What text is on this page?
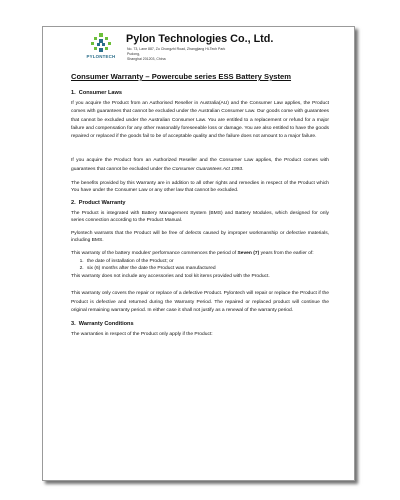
PYLONTECH
Pylon Technologies Co., Ltd.
No. 73, Lane 887, Zu Chongzhi Road, Zhangjiang Hi-Tech Park Pudong,
Shanghai 201203, China
Consumer Warranty – Powercube series ESS Battery System
1.  Consumer Laws

If you acquire the Product from an Authorised Reseller in Australia(AU) and the Consumer Law applies, the Product comes with guarantees that cannot be excluded under the Australian Consumer Law. Our goods come with guarantees that cannot be excluded under the Australian Consumer Law. You are entitled to a replacement or refund for a major failure and compensation for any other reasonably foreseeable loss or damage. You are also entitled to have the goods repaired or replaced if the goods fail to be of acceptable quality and the failure does not amount to a major failure.

If you acquire the Product from an Authorized Reseller and the Consumer Law applies, the Product comes with guarantees that cannot be excluded under the Consumer Guarantees Act 1993.

The benefits provided by this Warranty are in addition to all other rights and remedies in respect of the Product which You have under the Consumer Law or any other law that cannot be excluded.

2.  Product Warranty

The Product is integrated with Battery Management System (BMS) and Battery Modules, which designed for only series connection according to the Product Manual.

Pylontech warrants that the Product will be free of defects caused by improper workmanship or defective materials, including BMS.

This warranty of the battery modules' performance commences the period of Seven (7) years from the earlier of:

1. the date of installation of the Product; or
2. six (6) months after the date the Product was manufactured

This warranty does not include any accessories and tool kit items provided with the Product.

This warranty only covers the repair or replace of a defective Product. Pylontech will repair or replace the Product if the Product is defective and returned during the Warranty Period. The repaired or replaced product will continue the original remaining warranty period. In either case it shall not justify as a renewal of the warranty period.

3.  Warranty Conditions

The warranties in respect of the Product only apply if the Product:
